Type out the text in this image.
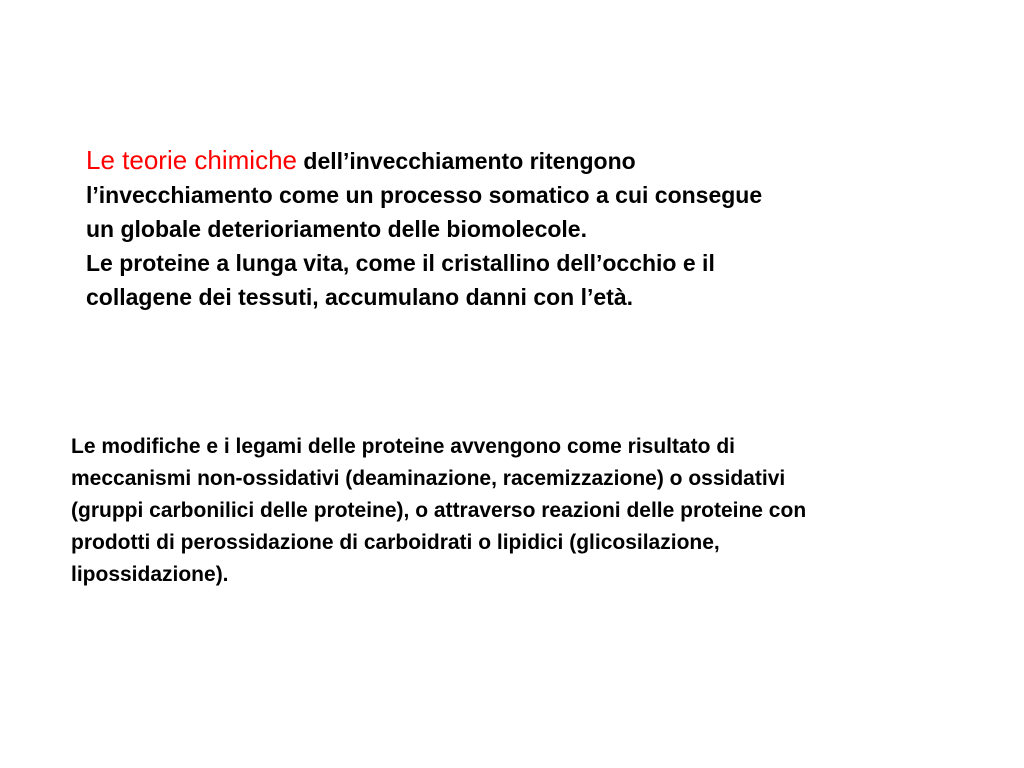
Le teorie chimiche dell’invecchiamento ritengono
l’invecchiamento come un processo somatico a cui consegue
un globale deterioriamento delle biomolecole.
Le proteine a lunga vita, come il cristallino dell’occhio e il
collagene dei tessuti, accumulano danni con l’età.
Le modifiche e i legami delle proteine avvengono come risultato di
meccanismi non-ossidativi (deaminazione, racemizzazione) o ossidativi
(gruppi carbonilici delle proteine), o attraverso reazioni delle proteine con
prodotti di perossidazione di carboidrati o lipidici (glicosilazione,
lipossidazione).
